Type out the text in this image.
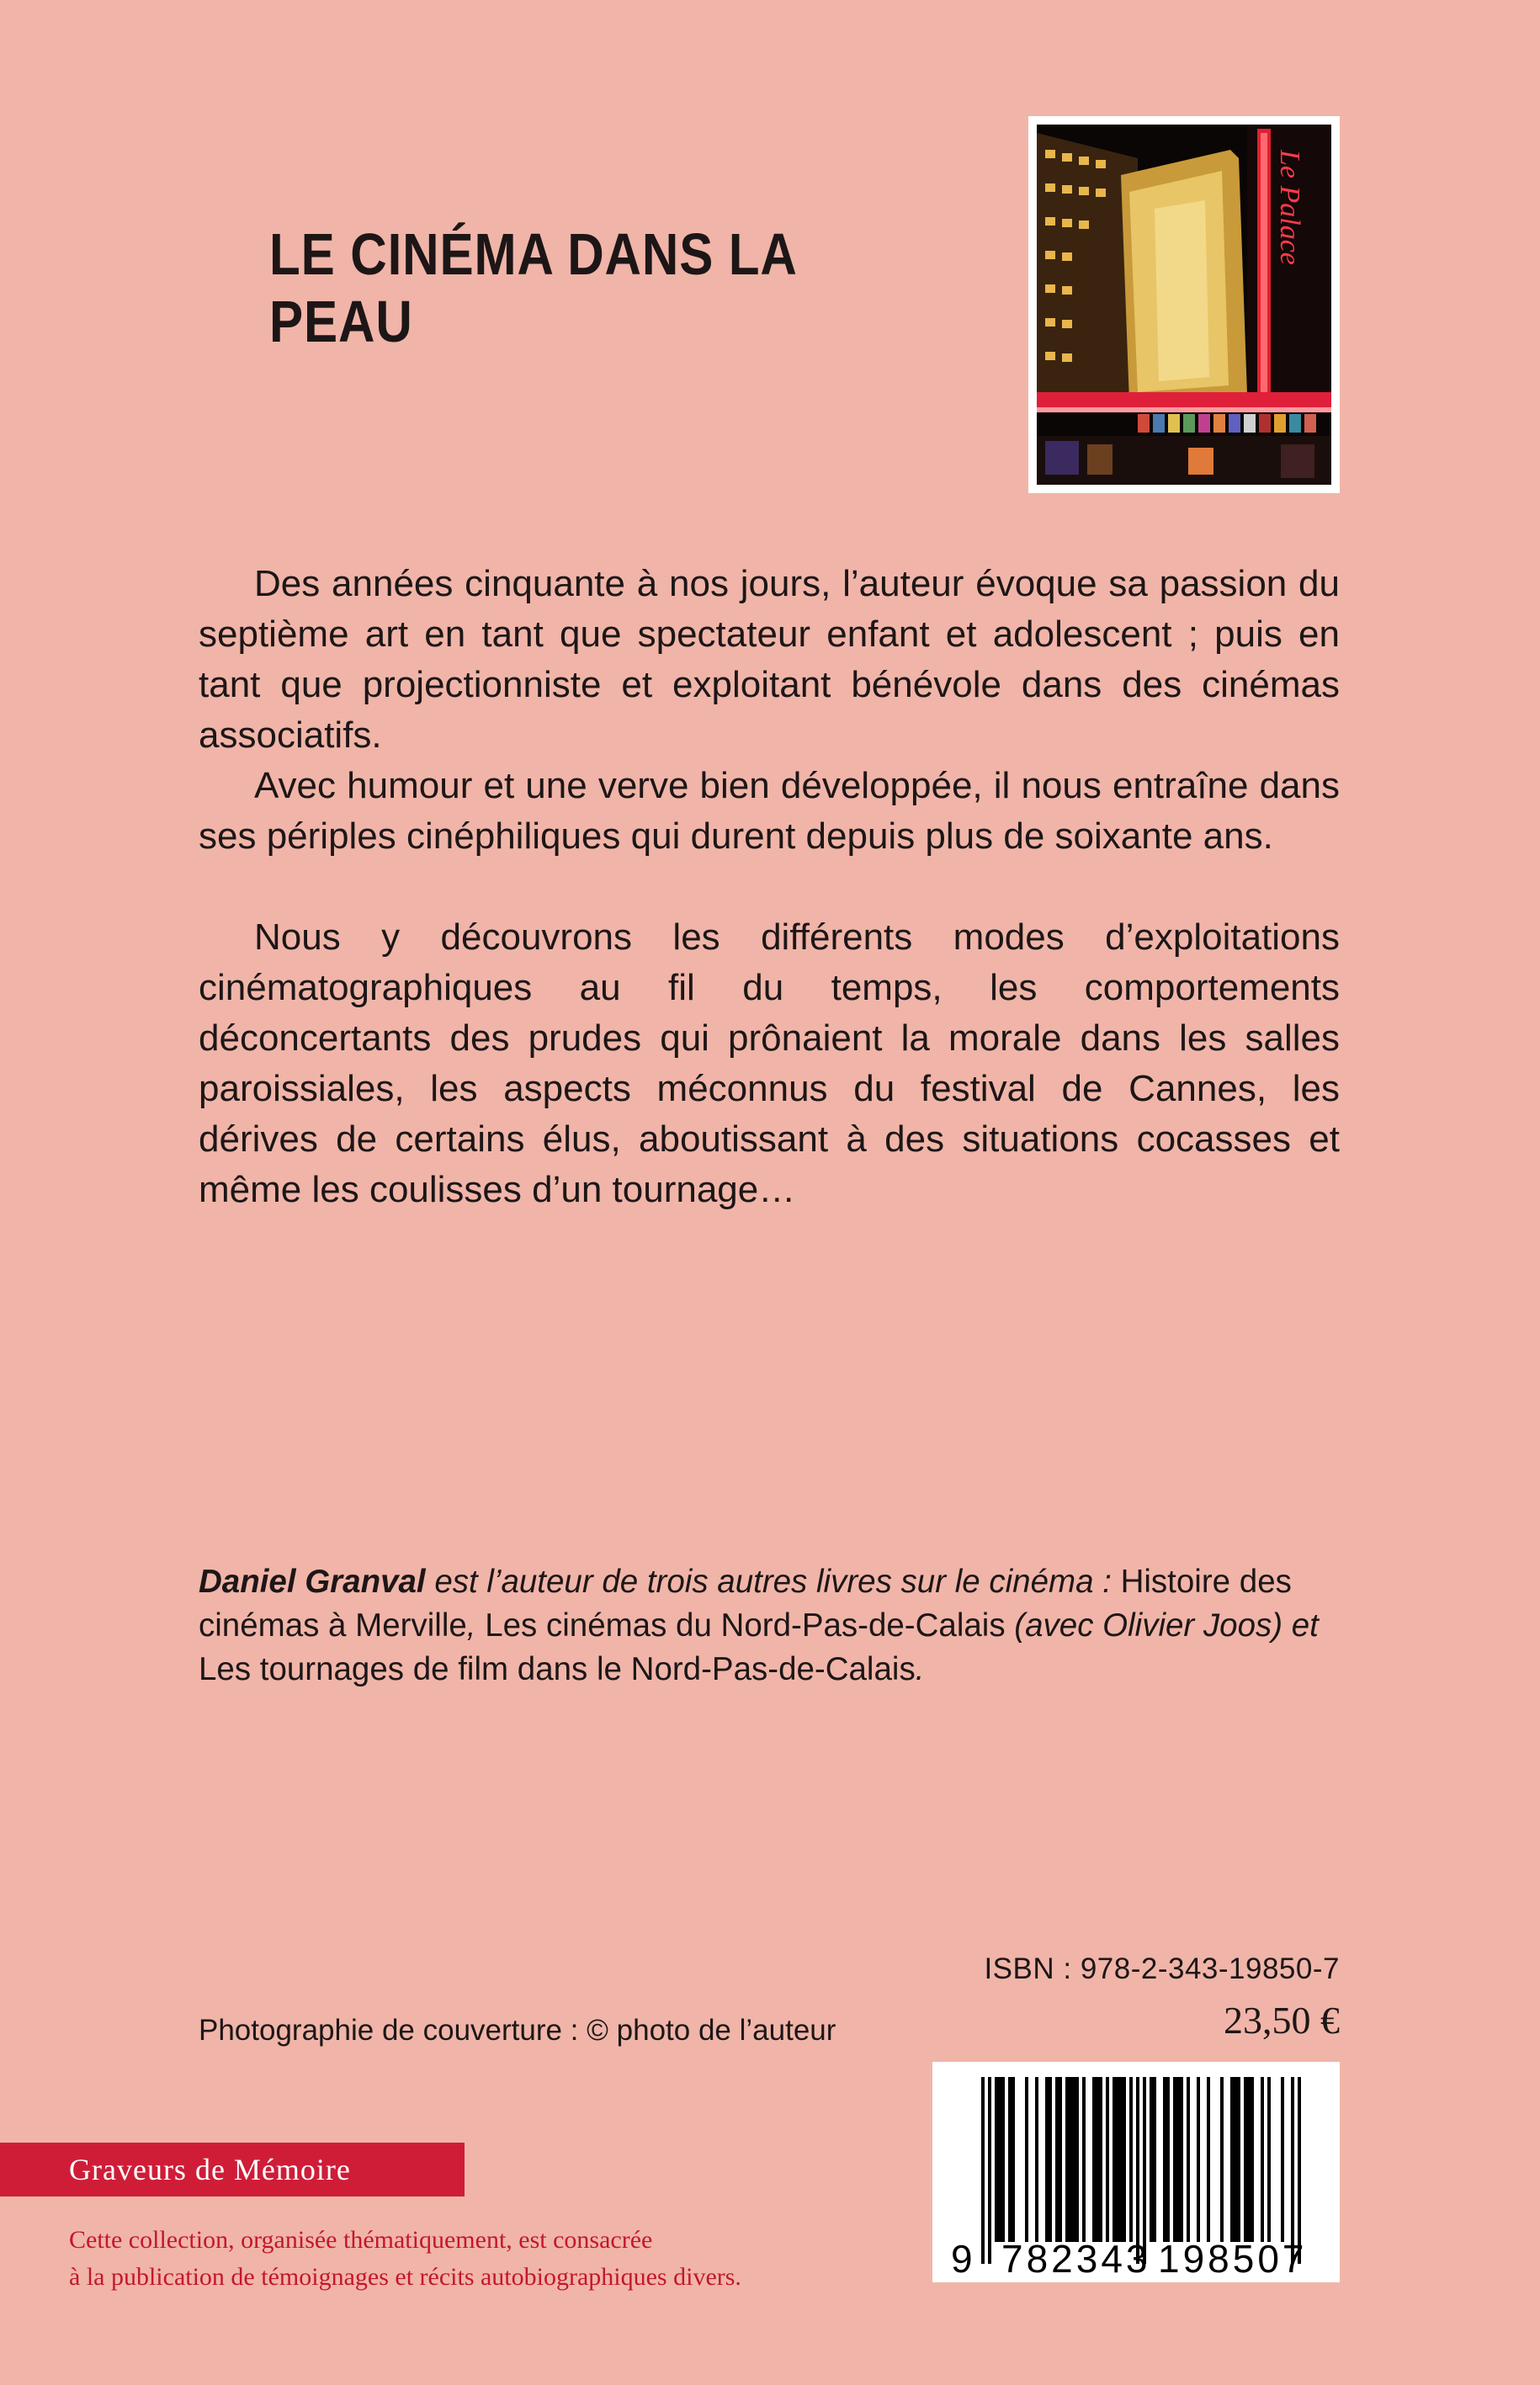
LE CINÉMA DANS LA PEAU
Le Palace

Des années cinquante à nos jours, l’auteur évoque sa passion du septième art en tant que spectateur enfant et adolescent ; puis en tant que projectionniste et exploitant bénévole dans des cinémas associatifs.

Avec humour et une verve bien développée, il nous entraîne dans ses périples cinéphiliques qui durent depuis plus de soixante ans.

Nous y découvrons les différents modes d’exploitations cinématographiques au fil du temps, les comportements déconcertants des prudes qui prônaient la morale dans les salles paroissiales, les aspects méconnus du festival de Cannes, les dérives de certains élus, aboutissant à des situations cocasses et même les coulisses d’un tournage…

Daniel Granval est l’auteur de trois autres livres sur le cinéma : Histoire des cinémas à Merville, Les cinémas du Nord-Pas-de-Calais (avec Olivier Joos) et Les tournages de film dans le Nord-Pas-de-Calais.

Photographie de couverture : © photo de l’auteur
ISBN : 978-2-343-19850-7
23,50 €
9 782343 198507
Graveurs de Mémoire
Cette collection, organisée thématiquement, est consacrée
à la publication de témoignages et récits autobiographiques divers.
